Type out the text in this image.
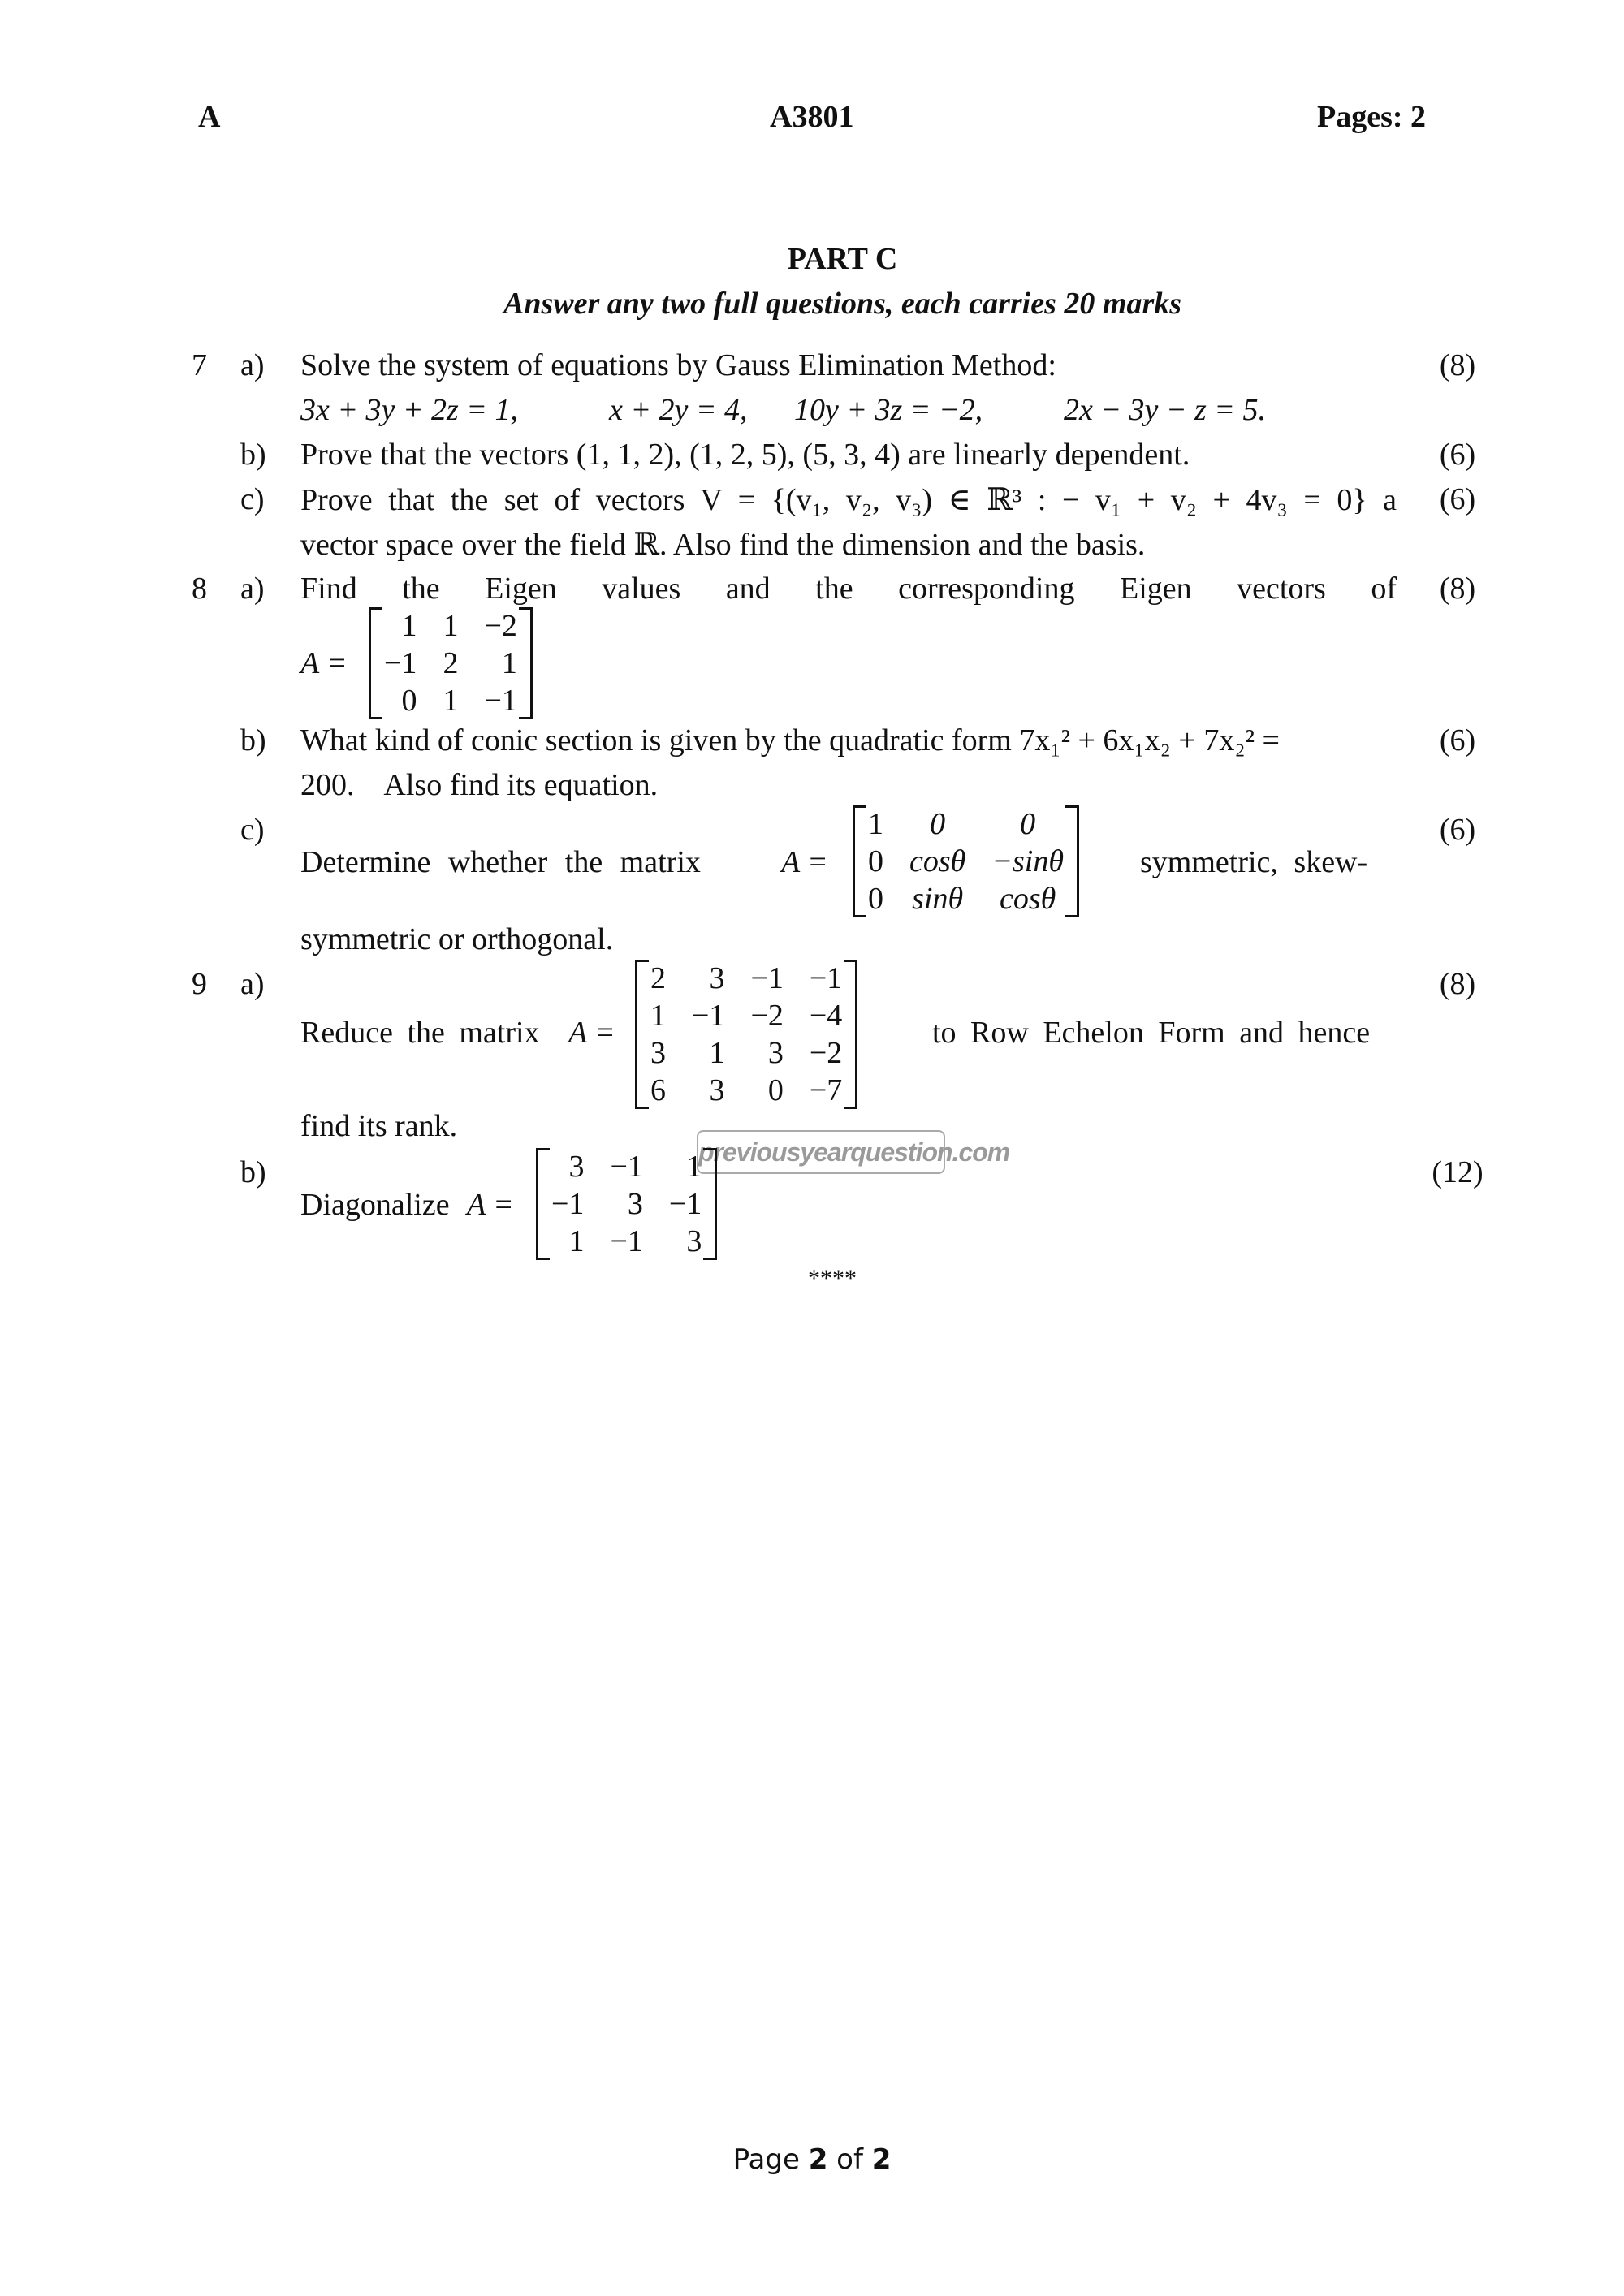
A	A3801	Pages: 2
PART C
Answer any two full questions, each carries 20 marks
7 a) Solve the system of equations by Gauss Elimination Method:	(8)
3x + 3y + 2z = 1,	x + 2y = 4, 10y + 3z = −2,	2x − 3y − z = 5.
b) Prove that the vectors (1, 1, 2), (1, 2, 5), (5, 3, 4) are linearly dependent.	(6)
c) Prove that the set of vectors V = {(v₁, v₂, v₃) ∈ ℝ³ : − v₁ + v₂ + 4v₃ = 0} a	(6)
vector space over the field ℝ. Also find the dimension and the basis.
8 a) Find the Eigen values and the corresponding Eigen vectors of	(8)
A =
1	1	−2
−1	2	1
0	1	−1
b) What kind of conic section is given by the quadratic form 7x₁² + 6x₁x₂ + 7x₂² =	(6)
200.    Also find its equation.
c)	(6)
Determine whether the matrix	A =
1	0	0
0	cosθ	−sinθ
0	sinθ	cosθ
symmetric, skew-
symmetric or orthogonal.
9 a)	(8)
Reduce the matrix A =
2	3	−1	−1
1	−1	−2	−4
3	1	3	−2
6	3	0	−7
to Row Echelon Form and hence
find its rank.
previousyearquestion.com
b)	(12)
Diagonalize A =
3	−1	1
−1	3	−1
1	−1	3
****
Page 2 of 2
